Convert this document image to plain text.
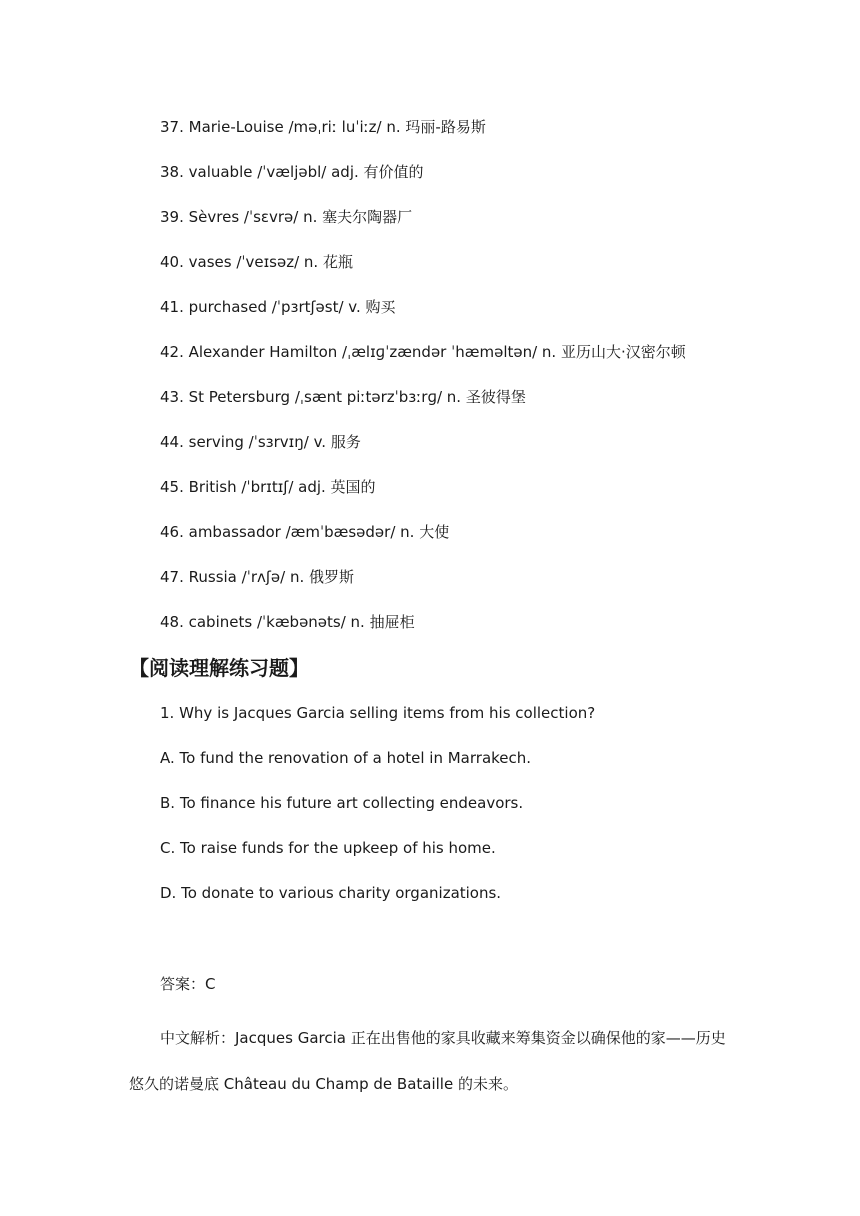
37. Marie-Louise /məˌriː luˈiːz/ n. 玛丽-路易斯
38. valuable /ˈvæljəbl/ adj. 有价值的
39. Sèvres /ˈsɛvrə/ n. 塞夫尔陶器厂
40. vases /ˈveɪsəz/ n. 花瓶
41. purchased /ˈpɜrtʃəst/ v. 购买
42. Alexander Hamilton /ˌælɪɡˈzændər ˈhæməltən/ n. 亚历山大·汉密尔顿
43. St Petersburg /ˌsænt piːtərzˈbɜːrɡ/ n. 圣彼得堡
44. serving /ˈsɜrvɪŋ/ v. 服务
45. British /ˈbrɪtɪʃ/ adj. 英国的
46. ambassador /æmˈbæsədər/ n. 大使
47. Russia /ˈrʌʃə/ n. 俄罗斯
48. cabinets /ˈkæbənəts/ n. 抽屉柜
【阅读理解练习题】
1. Why is Jacques Garcia selling items from his collection?
A. To fund the renovation of a hotel in Marrakech.
B. To finance his future art collecting endeavors.
C. To raise funds for the upkeep of his home.
D. To donate to various charity organizations.
答案：C
中文解析：Jacques Garcia 正在出售他的家具收藏来筹集资金以确保他的家——历史悠久的诺曼底 Château du Champ de Bataille 的未来。
